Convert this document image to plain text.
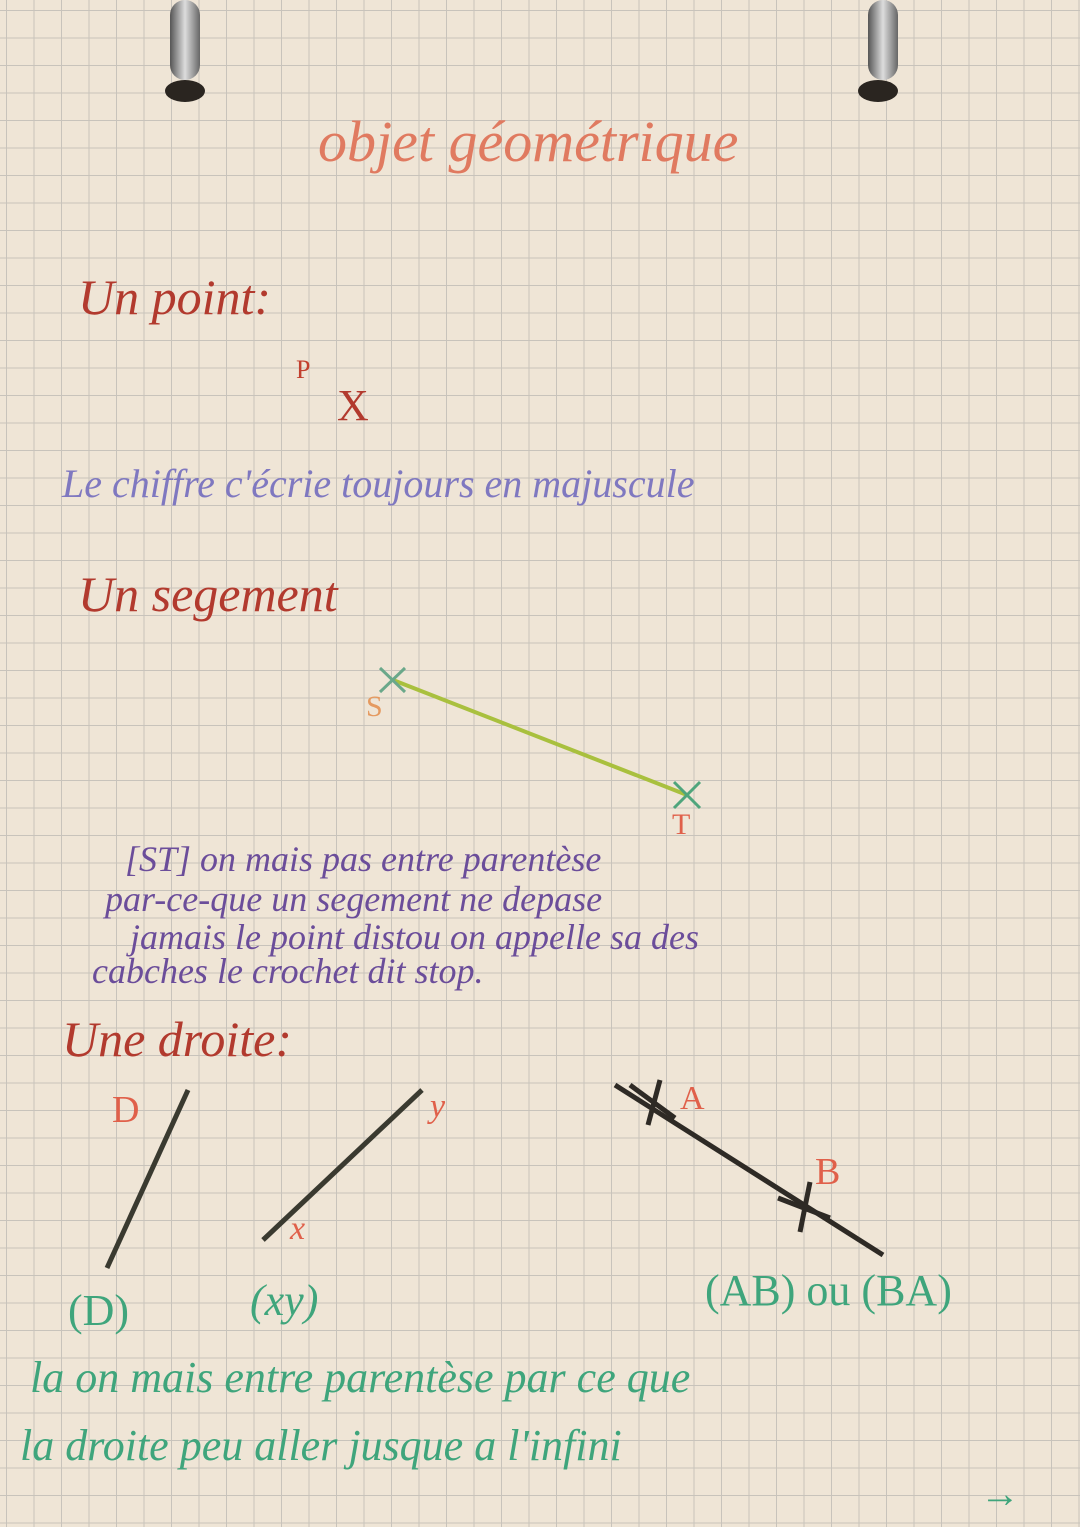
objet géométrique
Un point:
P
X
Le chiffre c'écrie toujours en majuscule
Un segement
S
T
[ST] on mais pas entre parentèse
par-ce-que un segement ne depase
jamais le point distou on appelle sa des
cabches le crochet dit stop.
Une droite:
D	y
x
A
B
(D)	(xy)	(AB) ou (BA)
la on mais entre parentèse par ce que
la droite peu aller jusque a l'infini
→
